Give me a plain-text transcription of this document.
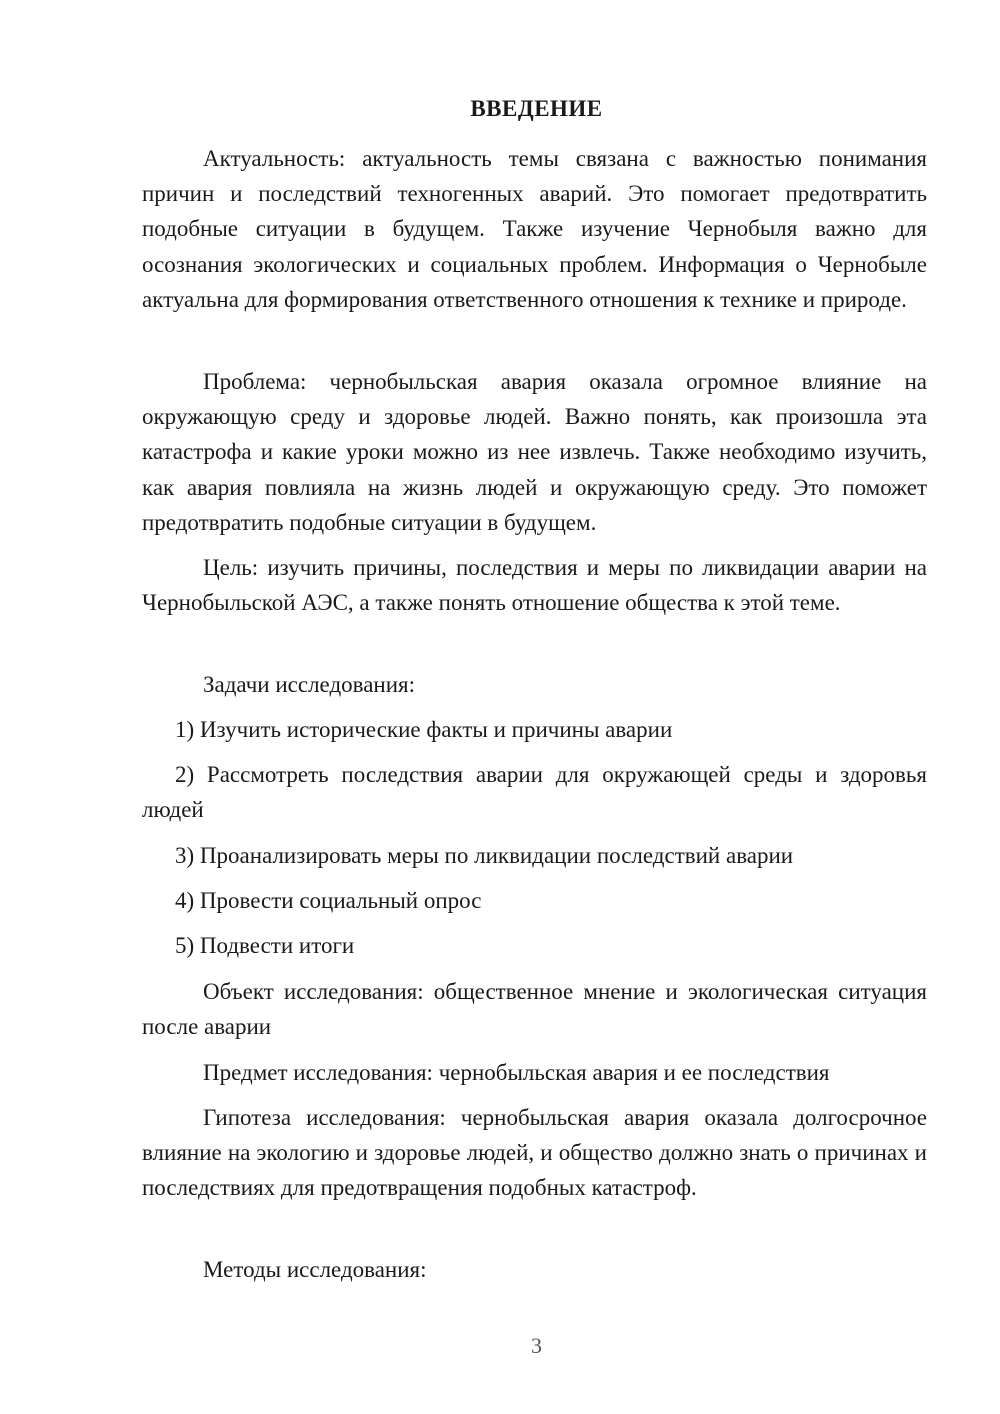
ВВЕДЕНИЕ

Актуальность: актуальность темы связана с важностью понимания причин и последствий техногенных аварий. Это помогает предотвратить подобные ситуации в будущем. Также изучение Чернобыля важно для осознания экологических и социальных проблем. Информация о Чернобыле актуальна для формирования ответственного отношения к технике и природе.

Проблема: чернобыльская авария оказала огромное влияние на окружающую среду и здоровье людей. Важно понять, как произошла эта катастрофа и какие уроки можно из нее извлечь. Также необходимо изучить, как авария повлияла на жизнь людей и окружающую среду. Это поможет предотвратить подобные ситуации в будущем.

Цель: изучить причины, последствия и меры по ликвидации аварии на Чернобыльской АЭС, а также понять отношение общества к этой теме.

Задачи исследования:

1) Изучить исторические факты и причины аварии

2) Рассмотреть последствия аварии для окружающей среды и здоровья людей

3) Проанализировать меры по ликвидации последствий аварии

4) Провести социальный опрос

5) Подвести итоги

Объект исследования: общественное мнение и экологическая ситуация после аварии

Предмет исследования: чернобыльская авария и ее последствия

Гипотеза исследования: чернобыльская авария оказала долгосрочное влияние на экологию и здоровье людей, и общество должно знать о причинах и последствиях для предотвращения подобных катастроф.

Методы исследования:

3
